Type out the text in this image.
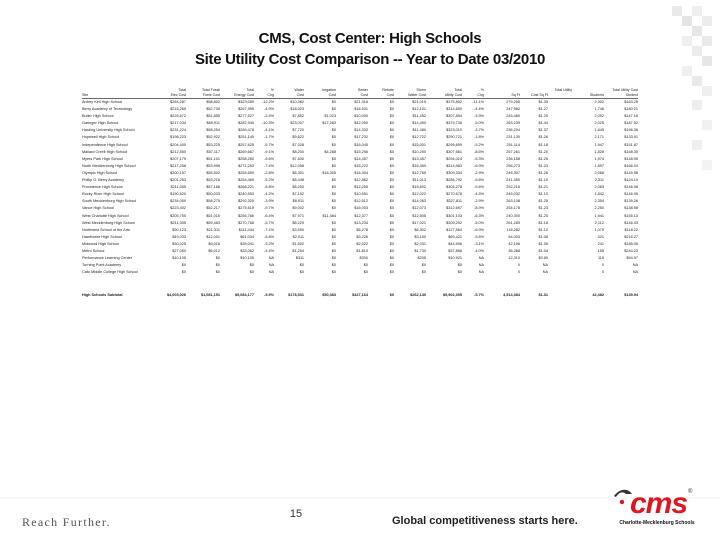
CMS, Cost Center: High Schools
Site Utility Cost Comparison -- Year to Date 03/2010
Total	Total Fossil	Total	%	Water	Irrigation	Sewer	Rebate	Storm	Total	%	Total Utility	Total Utility Cost
Site	Elec Cost	Fuels Cost	Energy Cost	Chg	Cost	Cost	Cost	Cost	Water Cost	Utility Cost	Chg	Sq Ft	Cost Sq Ft	Students	Student
Ardrey Kell High School	$264,287	$58,802	$323,089	-12.2%	$10,382	$0	$21,316	$0	$21,015	$375,802	-11.1%	279,255	$1.35	2,302	$163.25
Berry Academy of Technology	$215,265	$52,730	$267,995	-4.9%	$18,023	$0	$16,531	$0	$12,101	$314,650	-4.4%	247,982	$1.27	1,746	$180.21
Butler High School	$225,672	$51,855	$277,527	-2.4%	$7,852	$1,023	$10,000	$0	$11,452	$307,854	-3.9%	245,480	$1.25	2,092	$147.16
Garinger High School	$217,034	$65,911	$282,945	-10.3%	$23,007	$17,283	$42,050	$0	$14,450	$379,735	-5.0%	263,239	$1.44	2,025	$187.52
Harding University High School	$231,224	$58,254	$289,478	-4.1%	$7,720	$0	$14,332	$0	$11,480	$323,010	-3.7%	236,204	$1.37	1,645	$196.36
Hopewell High School	$198,223	$52,922	$251,145	-1.7%	$9,622	$0	$17,232	$0	$12,722	$290,721	-1.8%	231,130	$1.26	2,171	$133.91
Independence High School	$204,400	$53,225	$257,625	-5.7%	$7,028	$0	$16,045	$0	$15,001	$295,699	-5.2%	251,114	$1.18	1,947	$151.87
Mallard Creek High School	$212,550	$57,117	$269,667	-9.1%	$8,200	$4,288	$15,256	$0	$10,250	$307,661	-8.6%	257,261	$1.20	1,828	$168.30
Myers Park High School	$207,179	$51,101	$258,280	-5.6%	$7,830	$0	$14,457	$0	$13,457	$294,024	-5.3%	236,158	$1.25	1,974	$148.95
North Mecklenburg High School	$217,258	$53,995	$271,253	-7.4%	$12,058	$0	$15,222	$0	$16,450	$314,983	-6.9%	256,273	$1.23	1,897	$166.04
Olympic High School	$200,157	$55,502	$255,659	-2.8%	$8,301	$16,305	$16,304	$0	$12,765	$309,334	-2.9%	246,307	$1.26	2,068	$149.58
Phillip O. Berry Academy	$201,253	$53,216	$254,469	-5.2%	$8,448	$0	$12,862	$0	$11,013	$286,792	-5.6%	241,350	$1.19	2,311	$124.10
Providence High School	$211,055	$57,166	$268,221	-5.8%	$8,200	$0	$12,255	$0	$15,602	$304,278	-5.6%	252,216	$1.21	2,083	$146.08
Rocky River High School	$190,520	$50,033	$240,553	-4.2%	$7,152	$0	$10,951	$0	$12,022	$270,678	-4.5%	245,032	$1.10	1,842	$146.95
South Mecklenburg High School	$234,050	$58,275	$292,325	-3.9%	$8,911	$0	$12,512	$0	$14,063	$327,811	-2.9%	263,108	$1.25	2,354	$139.26
Vance High School	$223,402	$52,217	$275,619	-9.7%	$9,002	$0	$16,003	$0	$12,073	$312,697	-8.9%	254,178	$1.23	2,250	$138.98
West Charlotte High School	$205,750	$51,016	$256,766	-6.4%	$7,971	$11,484	$12,377	$0	$12,505	$301,103	-6.3%	240,300	$1.25	1,941	$155.13
West Mecklenburg High School	$211,305	$59,463	$270,768	-5.7%	$8,229	$0	$13,234	$0	$17,021	$309,252	-5.0%	261,289	$1.18	2,112	$146.43
Northwest School of the Arts	$90,123	$21,311	$111,434	-7.1%	$3,550	$0	$6,278	$0	$6,302	$127,564	-6.9%	116,282	$1.10	1,079	$118.22
Hawthorne High School	$49,033	$12,001	$61,034	-5.8%	$2,011	$0	$3,226	$0	$3,150	$69,421	-5.6%	64,003	$1.08	321	$216.27
Midwood High School	$30,025	$9,016	$39,041	-3.2%	$1,502	$0	$2,022	$0	$2,031	$44,596	-3.1%	42,106	$1.06	241	$185.05
Metro School	$27,050	$6,012	$33,062	-4.4%	$1,254	$0	$1,810	$0	$1,730	$37,856	-4.0%	36,288	$1.04	155	$244.23
Performance Learning Center	$10,105	$0	$10,105	NA	$311	$0	$300	$0	$205	$10,921	NA	12,310	$0.89	115	$94.97
Turning Point Academy	$0	$0	$0	NA	$0	$0	$0	$0	$0	$0	NA	0	NA	0	NA
Cato Middle College High School	$0	$0	$0	NA	$0	$0	$0	$0	$0	$0	NA	0	NA	0	NA
High Schools Subtotal	$4,003,026	$1,081,151	$5,084,177	-5.9%	$178,531	$50,383	$327,164	$0	$262,140	$5,902,395	-5.7%	4,514,384	$1.31	42,482	$139.94
15
Reach Further.	Global competitiveness starts here.
cms ®
Charlotte-Mecklenburg Schools
